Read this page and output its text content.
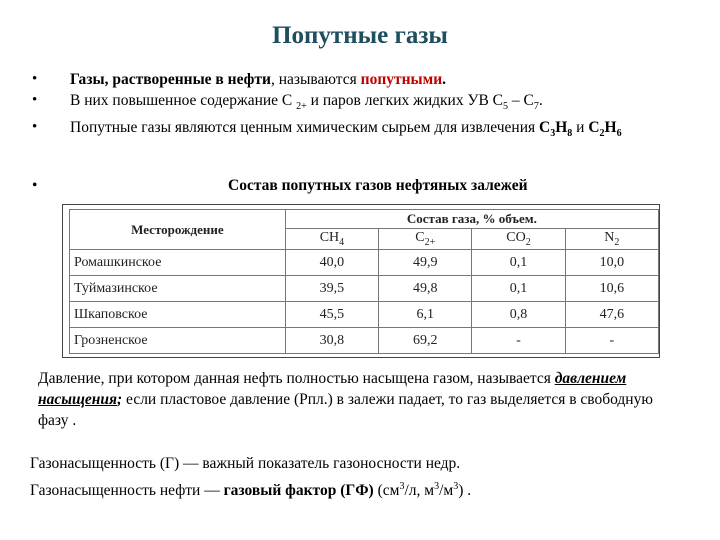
Попутные газы
• Газы, растворенные в нефти, называются попутными.
• В них повышенное содержание С $_{2+}$ и паров легких жидких УВ $С_5 - С_7$.
• Попутные газы являются ценным химическим сырьем для извлечения $С_3Н_8$ и $С_2Н_6$
•	Состав попутных газов нефтяных залежей
Месторождение	Состав газа, % объем.			
	$CH_4$	$C_{2+}$	$CO_2$	$N_2$
Ромашкинское	40,0	49,9	0,1	10,0
Туймазинское	39,5	49,8	0,1	10,6
Шкаповское	45,5	6,1	0,8	47,6
Грозненское	30,8	69,2	-	-
Давление, при котором данная нефть полностью насыщена газом, называется давлением насыщения; если пластовое давление (Рпл.) в залежи падает, то газ выделяется в свободную фазу .
Газонасыщенность (Г) — важный показатель газоносности недр.
Газонасыщенность нефти — газовый фактор (ГФ) ($см^3/л$, $м^3/м^3$) .
